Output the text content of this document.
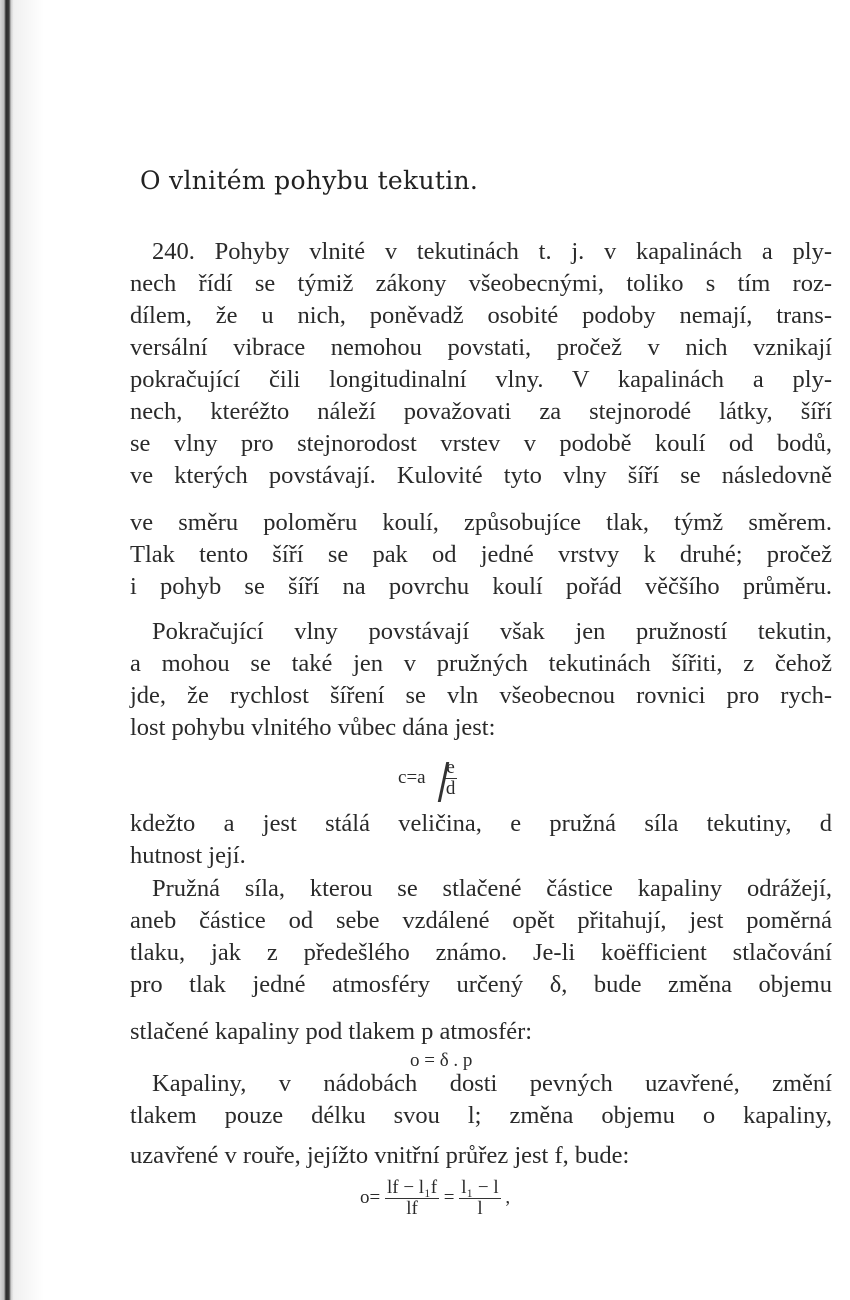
O vlnitém pohybu tekutin.
240. Pohyby vlnité v tekutinách t. j. v kapalinách a ply-
nech řídí se týmiž zákony všeobecnými, toliko s tím roz-
dílem, že u nich, poněvadž osobité podoby nemají, trans-
versální vibrace nemohou povstati, pročež v nich vznikají
pokračující čili longitudinalní vlny. V kapalinách a ply-
nech, kteréžto náleží považovati za stejnorodé látky, šíří
se vlny pro stejnorodost vrstev v podobě koulí od bodů,
ve kterých povstávají. Kulovité tyto vlny šíří se následovně
ve směru poloměru koulí, způsobujíce tlak, týmž směrem.
Tlak tento šíří se pak od jedné vrstvy k druhé; pročež
i pohyb se šíří na povrchu koulí pořád věčšího průměru.
Pokračující vlny povstávají však jen pružností tekutin,
a mohou se také jen v pružných tekutinách šířiti, z čehož
jde, že rychlost šíření se vln všeobecnou rovnici pro rych-
lost pohybu vlnitého vůbec dána jest:
$c=a \frac{e}{d}$
kdežto a jest stálá veličina, e pružná síla tekutiny, d
hutnost její.
Pružná síla, kterou se stlačené částice kapaliny odrážejí,
aneb částice od sebe vzdálené opět přitahují, jest poměrná
tlaku, jak z předešlého známo. Je-li koëfficient stlačování
pro tlak jedné atmosféry určený δ, bude změna objemu
stlačené kapaliny pod tlakem p atmosfér:
o = δ . p
Kapaliny, v nádobách dosti pevných uzavřené, změní
tlakem pouze délku svou l; změna objemu o kapaliny,
uzavřené v rouře, jejížto vnitřní průřez jest f, bude:
$o= \frac{\text{lf − l₁f}}{lf} = \frac{\text{l₁ − l}}{l}$ ,
